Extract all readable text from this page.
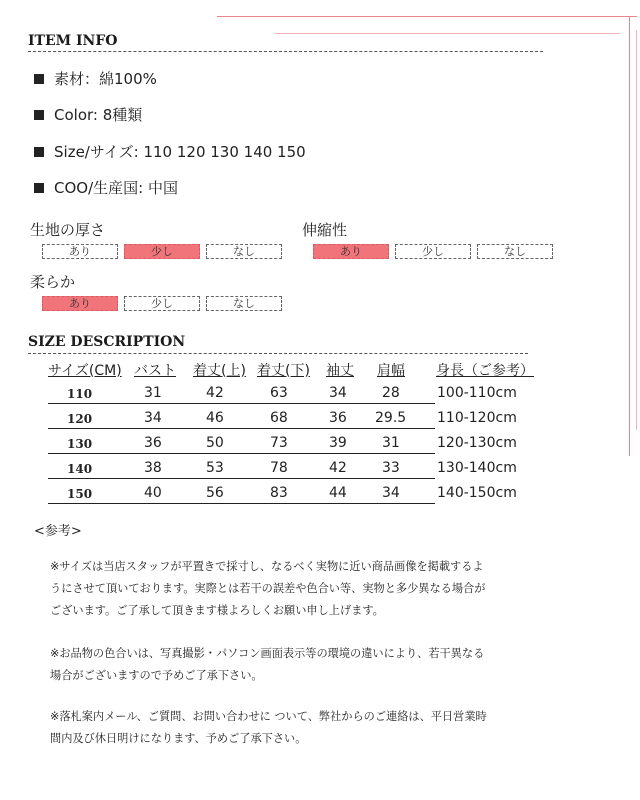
ITEM INFO
素材：綿100%
Color: 8種類
Size/サイズ: 110 120 130 140 150
COO/生産国: 中国
生地の厚さ
あり	少し	なし
伸縮性
あり	少し	なし
柔らか
あり	少し	なし
SIZE DESCRIPTION
サイズ(CM) バスト 着丈(上) 着丈(下) 袖丈 肩幅 身長（ご参考）
110	31	42	63	34	28	100-110cm
120	34	46	68	36 29.5 110-120cm
130	36	50	73	39	31	120-130cm
140	38	53	78	42	33	130-140cm
150	40	56	83	44	34	140-150cm
<参考>
※サイズは当店スタッフが平置きで採寸し、なるべく実物に近い商品画像を掲載するよ
うにさせて頂いております。実際とは若干の誤差や色合い等、実物と多少異なる場合が
ございます。ご了承して頂きます様よろしくお願い申し上げます。
※お品物の色合いは、写真撮影・パソコン画面表示等の環境の違いにより、若干異なる
場合がございますので予めご了承下さい。
※落札案内メール、ご質問、お問い合わせに ついて、弊社からのご連絡は、平日営業時
間内及び休日明けになります、予めご了承下さい。
